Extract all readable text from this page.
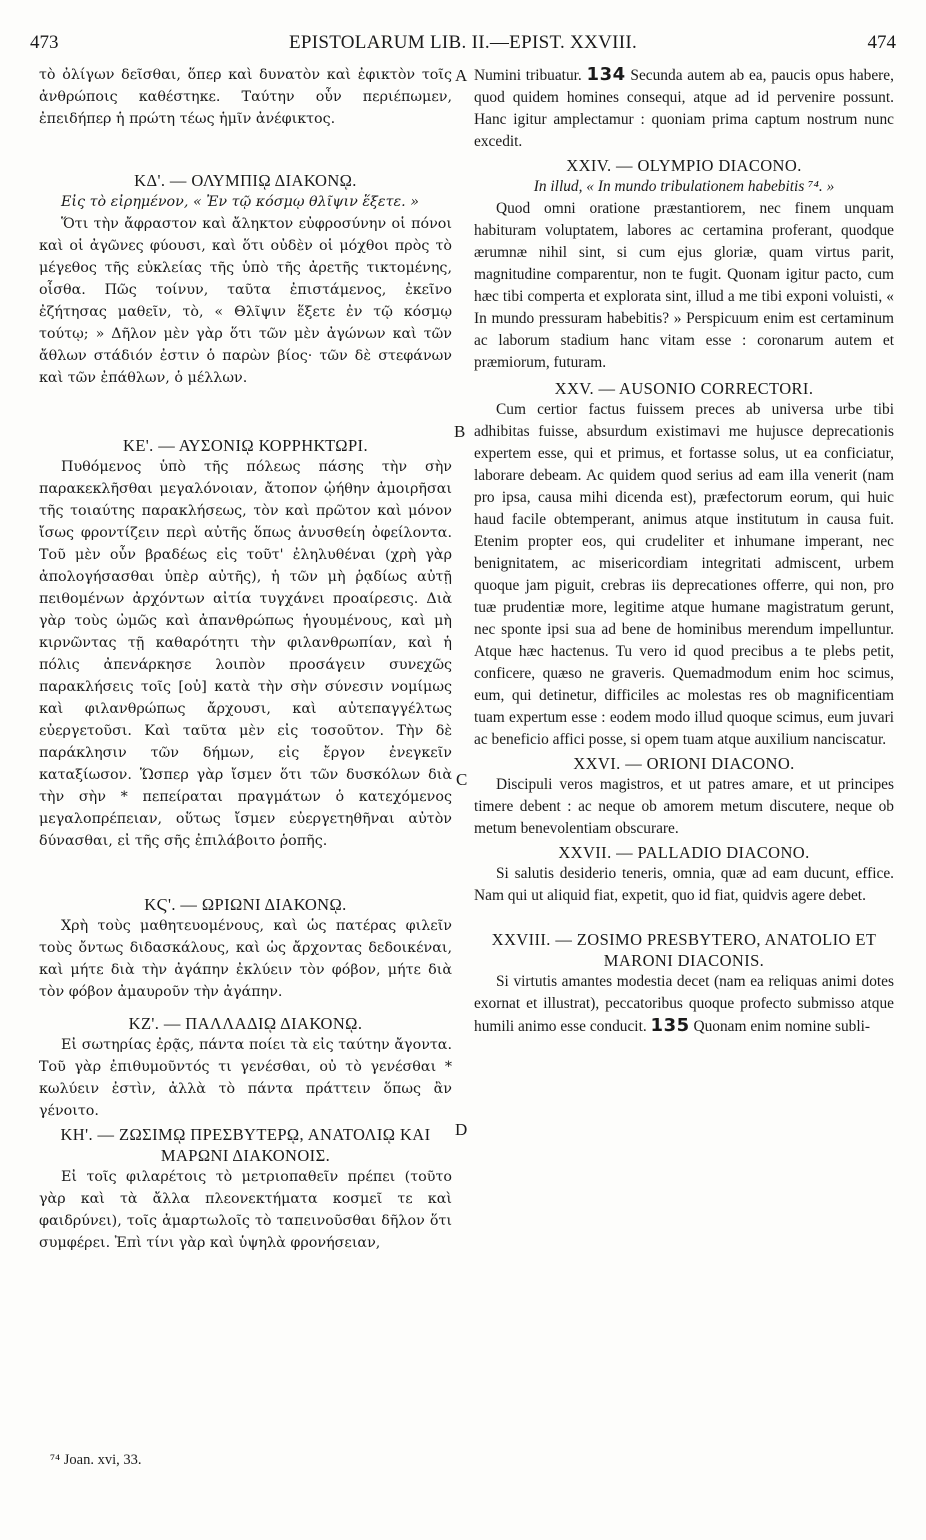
473	EPISTOLARUM LIB. II.—EPIST. XXVIII.	474

τὸ ὀλίγων δεῖσθαι, ὅπερ καὶ δυνατὸν καὶ ἐφικτὸν τοῖς ἀνθρώποις καθέστηκε. Ταύτην οὖν περιέπωμεν, ἐπειδήπερ ἡ πρώτη τέως ἡμῖν ἀνέφικτος.

ΚΔ'. — ΟΛΥΜΠΙῼ ΔΙΑΚΟΝῼ.

Εἰς τὸ εἰρημένον, « Ἐν τῷ κόσμῳ θλῖψιν ἕξετε. »

Ὅτι τὴν ἄφραστον καὶ ἄληκτον εὐφροσύνην οἱ πόνοι καὶ οἱ ἀγῶνες φύουσι, καὶ ὅτι οὐδὲν οἱ μόχθοι πρὸς τὸ μέγεθος τῆς εὐκλείας τῆς ὑπὸ τῆς ἀρετῆς τικτομένης, οἶσθα. Πῶς τοίνυν, ταῦτα ἐπιστάμενος, ἐκεῖνο ἐζήτησας μαθεῖν, τὸ, « Θλῖψιν ἕξετε ἐν τῷ κόσμῳ τούτῳ; » Δῆλον μὲν γὰρ ὅτι τῶν μὲν ἀγώνων καὶ τῶν ἄθλων στάδιόν ἐστιν ὁ παρὼν βίος· τῶν δὲ στεφάνων καὶ τῶν ἐπάθλων, ὁ μέλλων.

ΚΕ'. — ΑΥΣΟΝΙῼ ΚΟΡΡΗΚΤΩΡΙ.

Πυθόμενος ὑπὸ τῆς πόλεως πάσης τὴν σὴν παρακεκλῆσθαι μεγαλόνοιαν, ἄτοπον ᾠήθην ἀμοιρῆσαι τῆς τοιαύτης παρακλήσεως, τὸν καὶ πρῶτον καὶ μόνον ἴσως φροντίζειν περὶ αὐτῆς ὅπως ἀνυσθείη ὀφείλοντα. Τοῦ μὲν οὖν βραδέως εἰς τοῦτ' ἐληλυθέναι (χρὴ γὰρ ἀπολογήσασθαι ὑπὲρ αὐτῆς), ἡ τῶν μὴ ῥᾳδίως αὐτῇ πειθομένων ἀρχόντων αἰτία τυγχάνει προαίρεσις. Διὰ γὰρ τοὺς ὠμῶς καὶ ἀπανθρώπως ἡγουμένους, καὶ μὴ κιρνῶντας τῇ καθαρότητι τὴν φιλανθρωπίαν, καὶ ἡ πόλις ἀπενάρκησε λοιπὸν προσάγειν συνεχῶς παρακλήσεις τοῖς [οὐ] κατὰ τὴν σὴν σύνεσιν νομίμως καὶ φιλανθρώπως ἄρχουσι, καὶ αὐτεπαγγέλτως εὐεργετοῦσι. Καὶ ταῦτα μὲν εἰς τοσοῦτον. Τὴν δὲ παράκλησιν τῶν δήμων, εἰς ἔργον ἐνεγκεῖν καταξίωσον. Ὥσπερ γὰρ ἴσμεν ὅτι τῶν δυσκόλων διὰ τὴν σὴν * πεπείραται πραγμάτων ὁ κατεχόμενος μεγαλοπρέπειαν, οὕτως ἴσμεν εὐεργετηθῆναι αὐτὸν δύνασθαι, εἰ τῆς σῆς ἐπιλάβοιτο ῥοπῆς.

ΚϚ'. — ΩΡΙΩΝΙ ΔΙΑΚΟΝῼ.

Χρὴ τοὺς μαθητευομένους, καὶ ὡς πατέρας φιλεῖν τοὺς ὄντως διδασκάλους, καὶ ὡς ἄρχοντας δεδοικέναι, καὶ μήτε διὰ τὴν ἀγάπην ἐκλύειν τὸν φόβον, μήτε διὰ τὸν φόβον ἀμαυροῦν τὴν ἀγάπην.

ΚΖ'. — ΠΑΛΛΑΔΙῼ ΔΙΑΚΟΝῼ.

Εἰ σωτηρίας ἐρᾷς, πάντα ποίει τὰ εἰς ταύτην ἄγοντα. Τοῦ γὰρ ἐπιθυμοῦντός τι γενέσθαι, οὐ τὸ γενέσθαι * κωλύειν ἐστὶν, ἀλλὰ τὸ πάντα πράττειν ὅπως ἂν γένοιτο.

ΚΗ'. — ΖΩΣΙΜῼ ΠΡΕΣΒΥΤΕΡῼ, ΑΝΑΤΟΛΙῼ ΚΑΙ ΜΑΡΩΝΙ ΔΙΑΚΟΝΟΙΣ.

Εἰ τοῖς φιλαρέτοις τὸ μετριοπαθεῖν πρέπει (τοῦτο γὰρ καὶ τὰ ἄλλα πλεονεκτήματα κοσμεῖ τε καὶ φαιδρύνει), τοῖς ἁμαρτωλοῖς τὸ ταπεινοῦσθαι δῆλον ὅτι συμφέρει. Ἐπὶ τίνι γὰρ καὶ ὑψηλὰ φρονήσειαν,

Numini tribuatur. 134 Secunda autem ab ea, paucis opus habere, quod quidem homines consequi, atque ad id pervenire possunt. Hanc igitur amplectamur : quoniam prima captum nostrum nunc excedit.

XXIV. — OLYMPIO DIACONO.

In illud, « In mundo tribulationem habebitis ⁷⁴. »

Quod omni oratione præstantiorem, nec finem unquam habituram voluptatem, labores ac certamina proferant, quodque ærumnæ nihil sint, si cum ejus gloriæ, quam virtus parit, magnitudine comparentur, non te fugit. Quonam igitur pacto, cum hæc tibi comperta et explorata sint, illud a me tibi exponi voluisti, « In mundo pressuram habebitis? » Perspicuum enim est certaminum ac laborum stadium hanc vitam esse : coronarum autem et præmiorum, futuram.

XXV. — AUSONIO CORRECTORI.

Cum certior factus fuissem preces ab universa urbe tibi adhibitas fuisse, absurdum existimavi me hujusce deprecationis expertem esse, qui et primus, et fortasse solus, ut ea conficiatur, laborare debeam. Ac quidem quod serius ad eam illa venerit (nam pro ipsa, causa mihi dicenda est), præfectorum eorum, qui huic haud facile obtemperant, animus atque institutum in causa fuit. Etenim propter eos, qui crudeliter et inhumane imperant, nec benignitatem, ac misericordiam integritati admiscent, urbem quoque jam piguit, crebras iis deprecationes offerre, qui non, pro tuæ prudentiæ more, legitime atque humane magistratum gerunt, nec sponte ipsi sua ad bene de hominibus merendum impelluntur. Atque hæc hactenus. Tu vero id quod precibus a te plebs petit, conficere, quæso ne graveris. Quemadmodum enim hoc scimus, eum, qui detinetur, difficiles ac molestas res ob magnificentiam tuam expertum esse : eodem modo illud quoque scimus, eum juvari ac beneficio affici posse, si opem tuam atque auxilium nanciscatur.

XXVI. — ORIONI DIACONO.

Discipuli veros magistros, et ut patres amare, et ut principes timere debent : ac neque ob amorem metum discutere, neque ob metum benevolentiam obscurare.

XXVII. — PALLADIO DIACONO.

Si salutis desiderio teneris, omnia, quæ ad eam ducunt, effice. Nam qui ut aliquid fiat, expetit, quo id fiat, quidvis agere debet.

XXVIII. — ZOSIMO PRESBYTERO, ANATOLIO ET MARONI DIACONIS.

Si virtutis amantes modestia decet (nam ea reliquas animi dotes exornat et illustrat), peccatoribus quoque profecto submisso atque humili animo esse conducit. 135 Quonam enim nomine subli-

A
B
C
D
⁷⁴ Joan. xvi, 33.
